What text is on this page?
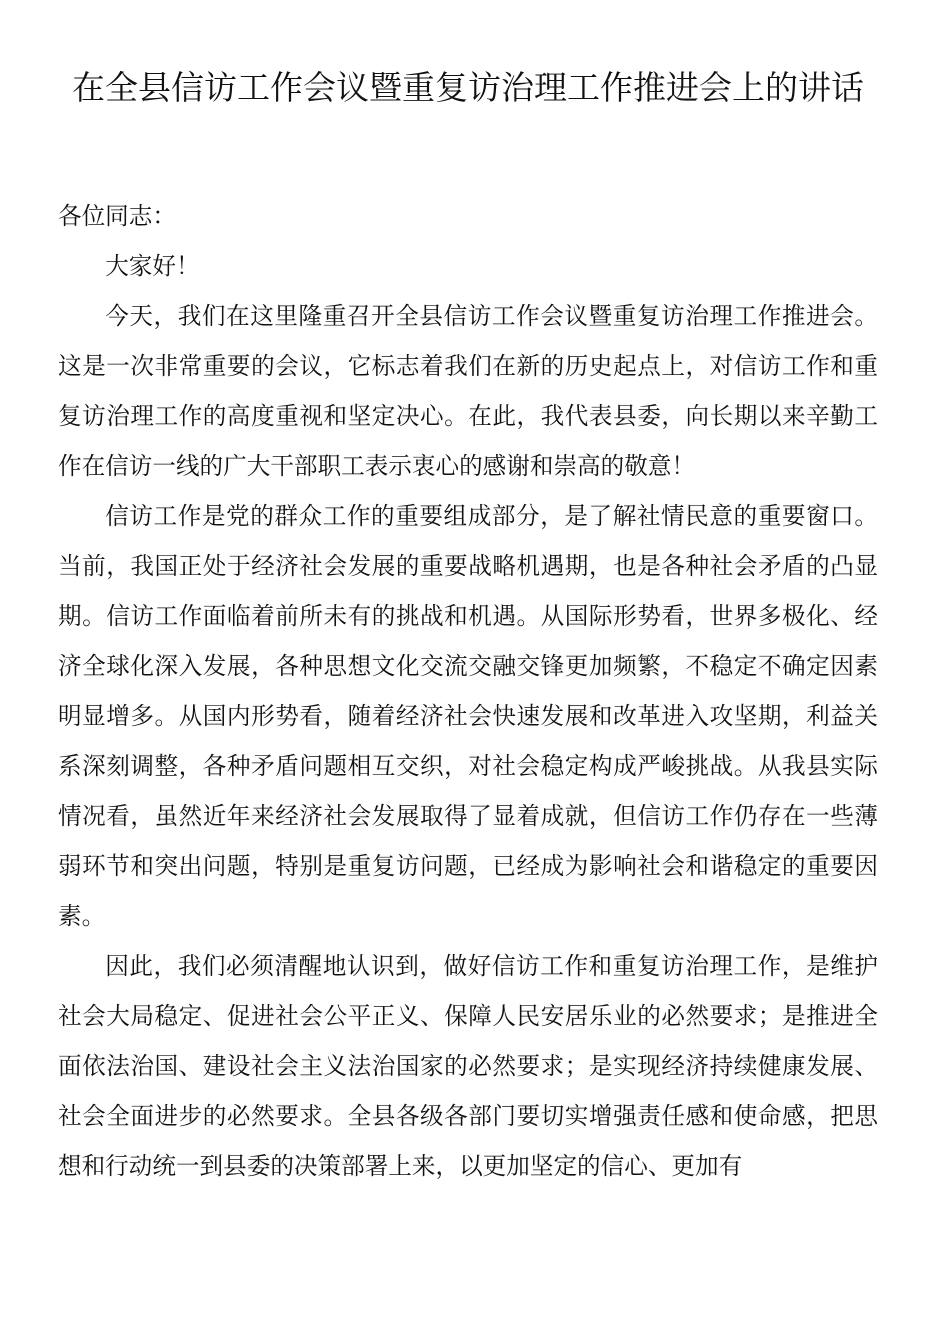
在全县信访工作会议暨重复访治理工作推进会上的讲话

各位同志：

大家好！

今天，我们在这里隆重召开全县信访工作会议暨重复访治理工作推进会。这是一次非常重要的会议，它标志着我们在新的历史起点上，对信访工作和重复访治理工作的高度重视和坚定决心。在此，我代表县委，向长期以来辛勤工作在信访一线的广大干部职工表示衷心的感谢和崇高的敬意！

信访工作是党的群众工作的重要组成部分，是了解社情民意的重要窗口。当前，我国正处于经济社会发展的重要战略机遇期，也是各种社会矛盾的凸显期。信访工作面临着前所未有的挑战和机遇。从国际形势看，世界多极化、经济全球化深入发展，各种思想文化交流交融交锋更加频繁，不稳定不确定因素明显增多。从国内形势看，随着经济社会快速发展和改革进入攻坚期，利益关系深刻调整，各种矛盾问题相互交织，对社会稳定构成严峻挑战。从我县实际情况看，虽然近年来经济社会发展取得了显着成就，但信访工作仍存在一些薄弱环节和突出问题，特别是重复访问题，已经成为影响社会和谐稳定的重要因素。

因此，我们必须清醒地认识到，做好信访工作和重复访治理工作，是维护社会大局稳定、促进社会公平正义、保障人民安居乐业的必然要求；是推进全面依法治国、建设社会主义法治国家的必然要求；是实现经济持续健康发展、社会全面进步的必然要求。全县各级各部门要切实增强责任感和使命感，把思想和行动统一到县委的决策部署上来，以更加坚定的信心、更加有
